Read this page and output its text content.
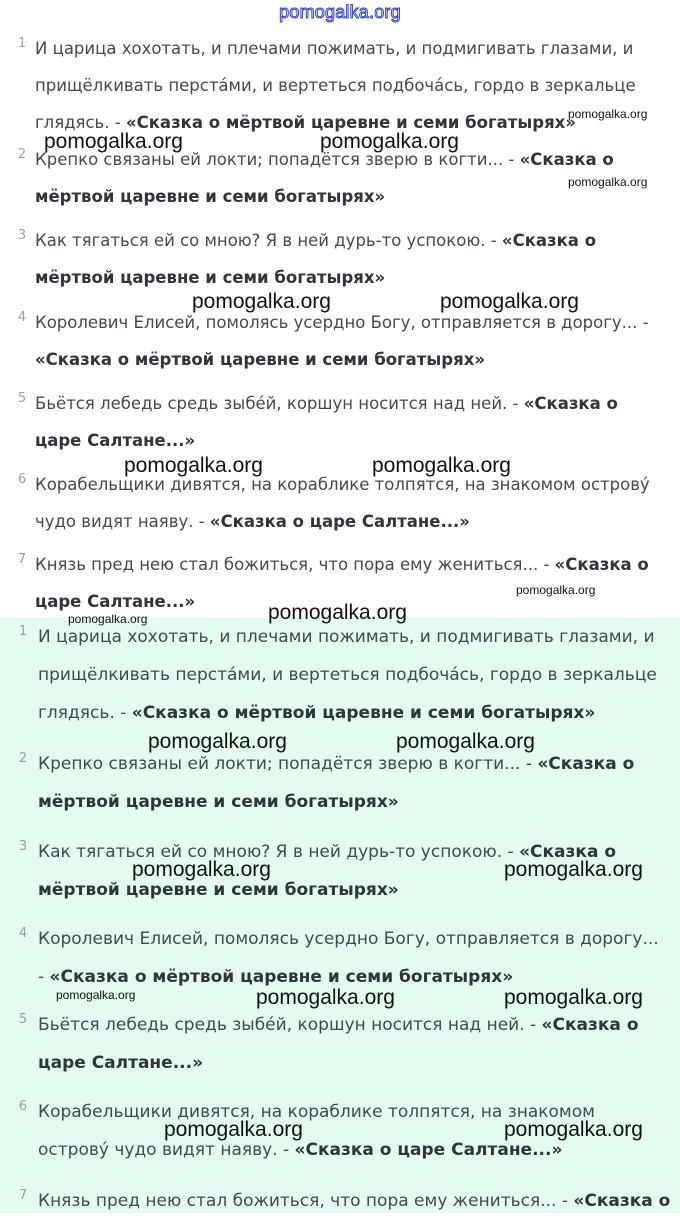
pomogalka.org
1 И царица хохотать, и плечами пожимать, и подмигивать глазами, и прищёлкивать перстáми, и вертеться подбочáсь, гордо в зеркальце глядясь. - «Сказка о мёртвой царевне и семи богатырях»
2 Крепко связаны ей локти; попадётся зверю в когти... - «Сказка о мёртвой царевне и семи богатырях»
3 Как тягаться ей со мною? Я в ней дурь-то успокою. - «Сказка о мёртвой царевне и семи богатырях»
4 Королевич Елисей, помолясь усердно Богу, отправляется в дорогу... - «Сказка о мёртвой царевне и семи богатырях»
5 Бьётся лебедь средь зыбéй, коршун носится над ней. - «Сказка о царе Салтане...»
6 Корабельщики дивятся, на кораблике толпятся, на знакомом островý чудо видят наяву. - «Сказка о царе Салтане...»
7 Князь пред нею стал божиться, что пора ему жениться... - «Сказка о царе Салтане...»
1 И царица хохотать, и плечами пожимать, и подмигивать глазами, и прищёлкивать перстáми, и вертеться подбочáсь, гордо в зеркальце глядясь. - «Сказка о мёртвой царевне и семи богатырях»
2 Крепко связаны ей локти; попадётся зверю в когти... - «Сказка о мёртвой царевне и семи богатырях»
3 Как тягаться ей со мною? Я в ней дурь-то успокою. - «Сказка о мёртвой царевне и семи богатырях»
4 Королевич Елисей, помолясь усердно Богу, отправляется в дорогу... - «Сказка о мёртвой царевне и семи богатырях»
5 Бьётся лебедь средь зыбéй, коршун носится над ней. - «Сказка о царе Салтане...»
6 Корабельщики дивятся, на кораблике толпятся, на знакомом островý чудо видят наяву. - «Сказка о царе Салтане...»
7 Князь пред нею стал божиться, что пора ему жениться... - «Сказка о
pomogalka.org	pomogalka.org
pomogalka.org
pomogalka.org
pomogalka.org	pomogalka.org
pomogalka.org	pomogalka.org
pomogalka.org
pomogalka.org	pomogalka.org
pomogalka.org	pomogalka.org
pomogalka.org	pomogalka.org
pomogalka.org	pomogalka.org	pomogalka.org
pomogalka.org	pomogalka.org
